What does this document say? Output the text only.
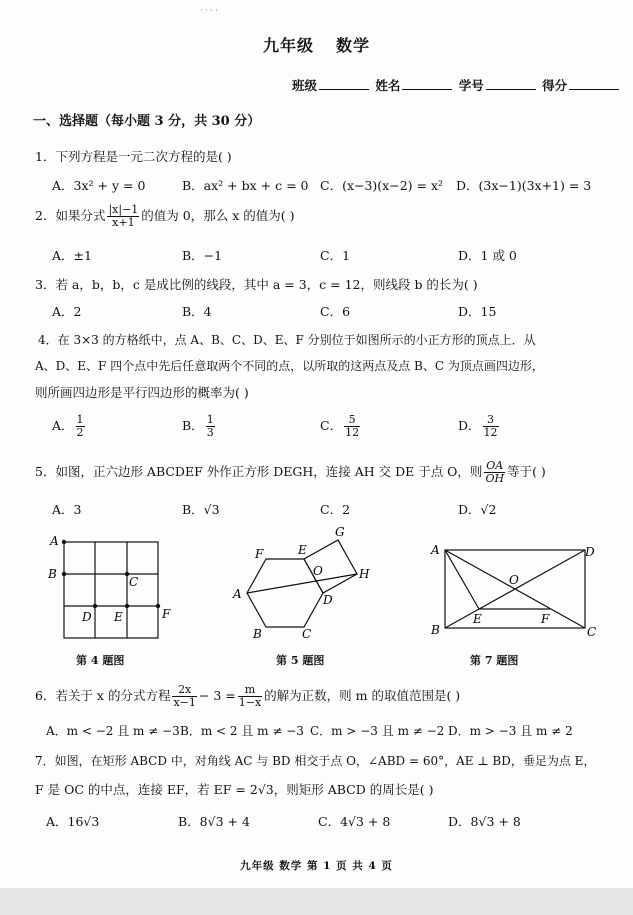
· · · ·
九年级 数学
班级	姓名	学号	得分
一、选择题（每小题 3 分，共 30 分）
1．下列方程是一元二次方程的是( )
A．3x² + y = 0	B．ax² + bx + c = 0 C．(x−3)(x−2) = x² D．(3x−1)(3x+1) = 3
2．如果分式 $\frac{|x|-1}{x+1}$ 的值为 0，那么 x 的值为( )
A．±1	B．−1	C．1	D．1 或 0
3．若 a，b，b，c 是成比例的线段，其中 a = 3，c = 12，则线段 b 的长为( )
A．2	B．4	C．6	D．15
4．在 3×3 的方格纸中，点 A、B、C、D、E、F 分别位于如图所示的小正方形的顶点上．从
A、D、E、F 四个点中先后任意取两个不同的点，以所取的这两点及点 B、C 为顶点画四边形，
则所画四边形是平行四边形的概率为( )
A． $\frac{1}{2}$	B． $\frac{1}{3}$	C． $\frac{5}{12}$	D． $\frac{3}{12}$
5．如图，正六边形 ABCDEF 外作正方形 DEGH，连接 AH 交 DE 于点 O，则 $\frac{OA}{OH}$ 等于( )
A．3	B．√3	C．2	D．√2
A
B
C
D E	F
第 4 题图
F	E
G
O	H
A	D
B	C
第 5 题图
A	D
O
B
E	F
C
第 7 题图
6．若关于 x 的分式方程 $\frac{2x}{x-1} - 3 = \frac{m}{1-x}$ 的解为正数，则 m 的取值范围是( )
A．m < −2 且 m ≠ −3 B．m < 2 且 m ≠ −3 C．m > −3 且 m ≠ −2 D．m > −3 且 m ≠ 2
7．如图，在矩形 ABCD 中，对角线 AC 与 BD 相交于点 O，∠ABD = 60°，AE ⊥ BD，垂足为点 E，
F 是 OC 的中点，连接 EF，若 EF = 2√3，则矩形 ABCD 的周长是( )
A．16√3	B．8√3 + 4	C．4√3 + 8	D．8√3 + 8
九年级 数学 第 1 页 共 4 页
